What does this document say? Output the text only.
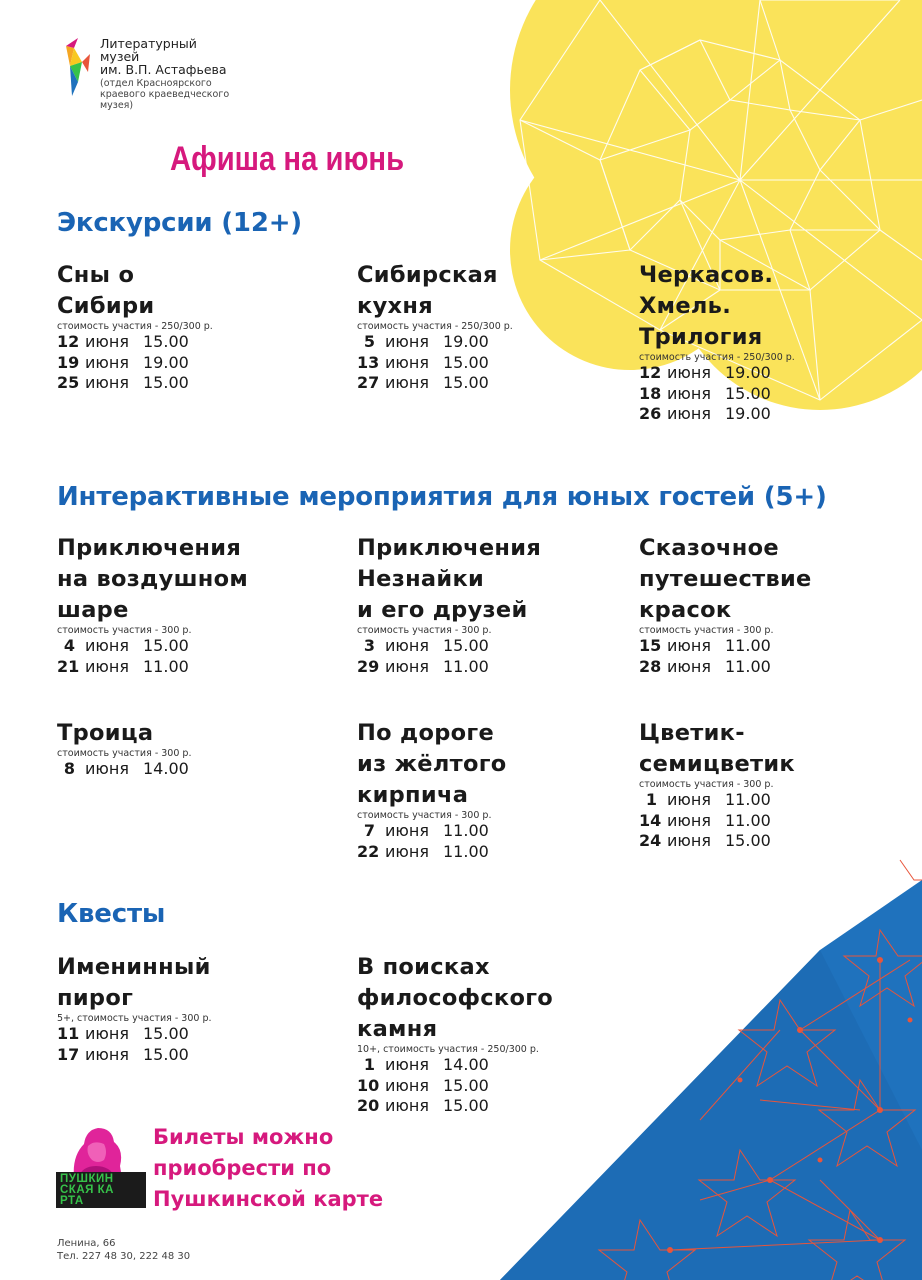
Литературный
музей
им. В.П. Астафьева
(отдел Красноярского
краевого краеведческого
музея)
Афиша на июнь
Экскурсии (12+)
Сны о
Сибири
стоимость участия - 250/300 р.
12 июня 15.00
19 июня 19.00
25 июня 15.00
Сибирская
кухня
стоимость участия - 250/300 р.
5 июня 19.00
13 июня 15.00
27 июня 15.00
Черкасов.
Хмель.
Трилогия
стоимость участия - 250/300 р.
12 июня 19.00
18 июня 15.00
26 июня 19.00
Приключения
на воздушном
шаре
стоимость участия - 300 р.
4 июня 15.00
21 июня 11.00
Приключения
Незнайки
и его друзей
стоимость участия - 300 р.
3 июня 15.00
29 июня 11.00
Сказочное
путешествие
красок
стоимость участия - 300 р.
15 июня 11.00
28 июня 11.00
Троица
стоимость участия - 300 р.
8 июня 14.00
По дороге
из жёлтого
кирпича
стоимость участия - 300 р.
7 июня 11.00
22 июня 11.00
Цветик-
семицветик
стоимость участия - 300 р.
1 июня 11.00
14 июня 11.00
24 июня 15.00
Именинный
пирог
5+, стоимость участия - 300 р.
11 июня 15.00
17 июня 15.00
В поисках
философского
камня
10+, стоимость участия - 250/300 р.
1 июня 14.00
10 июня 15.00
20 июня 15.00
Интерактивные мероприятия для юных гостей (5+)
Квесты
ПУШКИНСКАЯ КАРТА
Билеты можно
приобрести по
Пушкинской карте
Ленина, 66
Тел. 227 48 30, 222 48 30
